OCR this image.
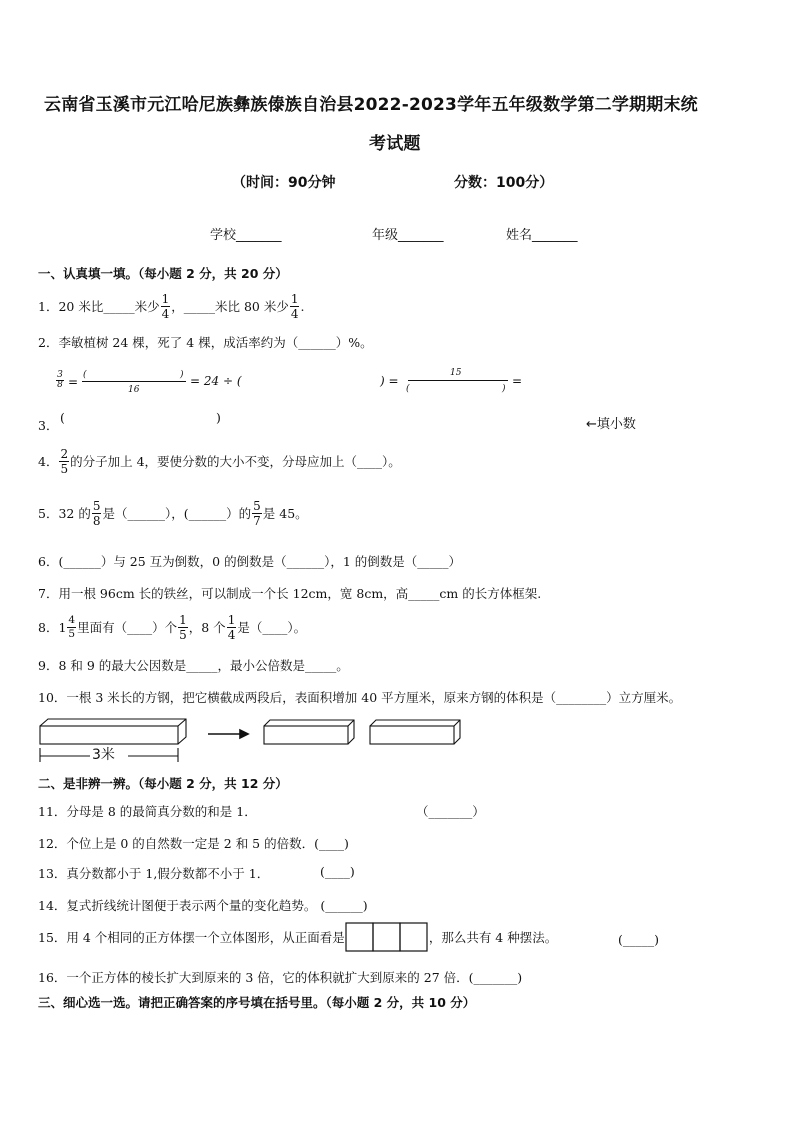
云南省玉溪市元江哈尼族彝族傣族自治县2022-2023学年五年级数学第二学期期末统
考试题
（时间：90分钟	分数：100分）
学校_______	年级_______	姓名_______
一、认真填一填。（每小题 2 分，共 20 分）
1．20 米比_____米少 $\frac{1}{4}$ ，_____米比 80 米少 $\frac{1}{4}$ .
2．李敏植树 24 棵，死了 4 棵，成活率约为（______）%。
$\frac{3}{8}$ = (	)
16
= 24 ÷ (	) =
15
(	)
=
3．
(	)	←填小数
4． $\frac{2}{5}$ 的分子加上 4，要使分数的大小不变，分母应加上（____）。
5．32 的 $\frac{5}{8}$ 是（______），(______）的 $\frac{5}{7}$ 是 45。
6．(______）与 25 互为倒数，0 的倒数是（______），1 的倒数是（_____）
7．用一根 96cm 长的铁丝，可以制成一个长 12cm，宽 8cm，高_____cm 的长方体框架.
8．$1 \frac{4}{5}$ 里面有（____）个 $\frac{1}{5}$ ，8 个 $\frac{1}{4}$ 是（____）。
9．8 和 9 的最大公因数是_____，最小公倍数是_____。
10．一根 3 米长的方钢，把它横截成两段后，表面积增加 40 平方厘米，原来方钢的体积是（________）立方厘米。
3米
二、是非辨一辨。（每小题 2 分，共 12 分）
11．分母是 8 的最简真分数的和是 1．	（_______）
12．个位上是 0 的自然数一定是 2 和 5 的倍数．(____)
13．真分数都小于 1,假分数都不小于 1．	(____)
14．复式折线统计图便于表示两个量的变化趋势。 (______)
15．用 4 个相同的正方体摆一个立体图形，从正面看是	，那么共有 4 种摆法。	(_____)
16．一个正方体的棱长扩大到原来的 3 倍，它的体积就扩大到原来的 27 倍．(_______)
三、细心选一选。请把正确答案的序号填在括号里。（每小题 2 分，共 10 分）
